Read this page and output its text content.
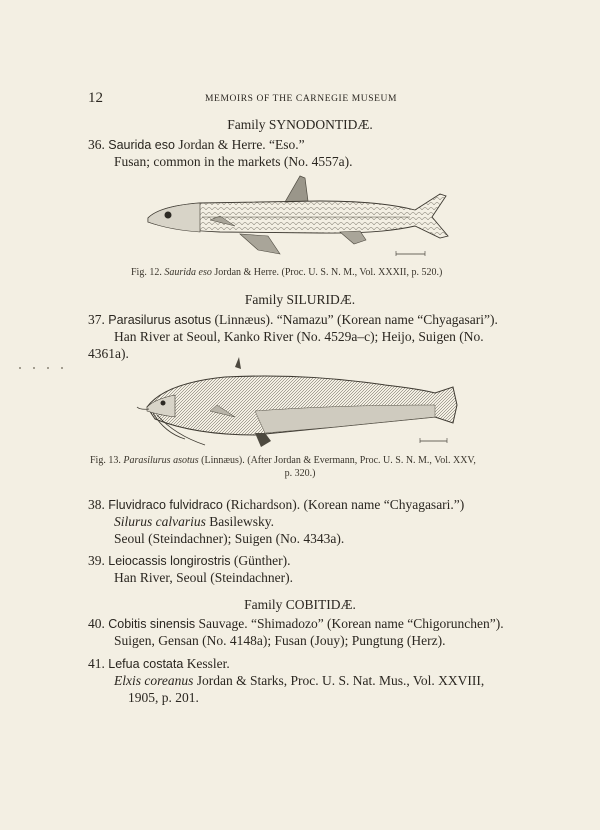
12	MEMOIRS OF THE CARNEGIE MUSEUM
Family SYNODONTIDÆ.
36. Saurida eso Jordan & Herre. “Eso.”
Fusan; common in the markets (No. 4557a).
Fig. 12. Saurida eso Jordan & Herre. (Proc. U. S. N. M., Vol. XXXII, p. 520.)
Family SILURIDÆ.
37. Parasilurus asotus (Linnæus). “Namazu” (Korean name “Chyagasari”).
Han River at Seoul, Kanko River (No. 4529a–c); Heijo, Suigen (No.
4361a).
Fig. 13. Parasilurus asotus (Linnæus). (After Jordan & Evermann, Proc. U. S. N. M., Vol. XXV,
p. 320.)
38. Fluvidraco fulvidraco (Richardson). (Korean name “Chyagasari.”)
Silurus calvarius Basilewsky.
Seoul (Steindachner); Suigen (No. 4343a).
39. Leiocassis longirostris (Günther).
Han River, Seoul (Steindachner).
Family COBITIDÆ.
40. Cobitis sinensis Sauvage. “Shimadozo” (Korean name “Chigorunchen”).
Suigen, Gensan (No. 4148a); Fusan (Jouy); Pungtung (Herz).
41. Lefua costata Kessler.
Elxis coreanus Jordan & Starks, Proc. U. S. Nat. Mus., Vol. XXVIII,
1905, p. 201.
